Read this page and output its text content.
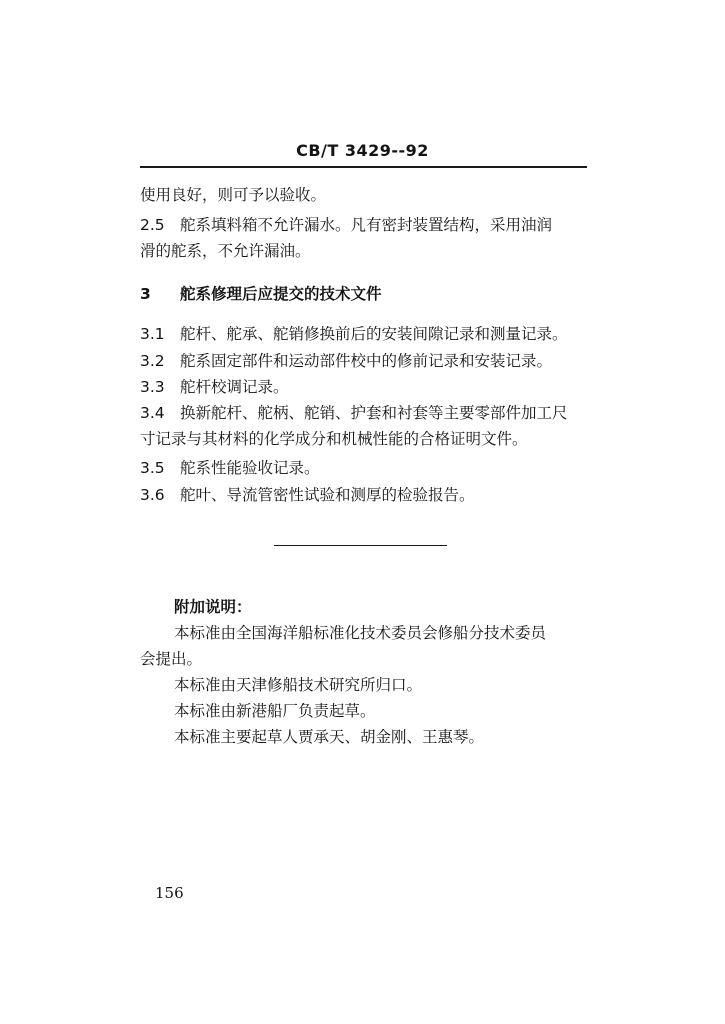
CB/T 3429--92
使用良好，则可予以验收。
2.5 舵系填料箱不允许漏水。凡有密封装置结构，采用油润
滑的舵系，不允许漏油。
3 舵系修理后应提交的技术文件
3.1 舵杆、舵承、舵销修换前后的安装间隙记录和测量记录。
3.2 舵系固定部件和运动部件校中的修前记录和安装记录。
3.3 舵杆校调记录。
3.4 换新舵杆、舵柄、舵销、护套和衬套等主要零部件加工尺
寸记录与其材料的化学成分和机械性能的合格证明文件。
3.5 舵系性能验收记录。
3.6 舵叶、导流管密性试验和测厚的检验报告。
附加说明：
本标准由全国海洋船标准化技术委员会修船分技术委员
会提出。
本标准由天津修船技术研究所归口。
本标准由新港船厂负责起草。
本标准主要起草人贾承天、胡金刚、王惠琴。
156
